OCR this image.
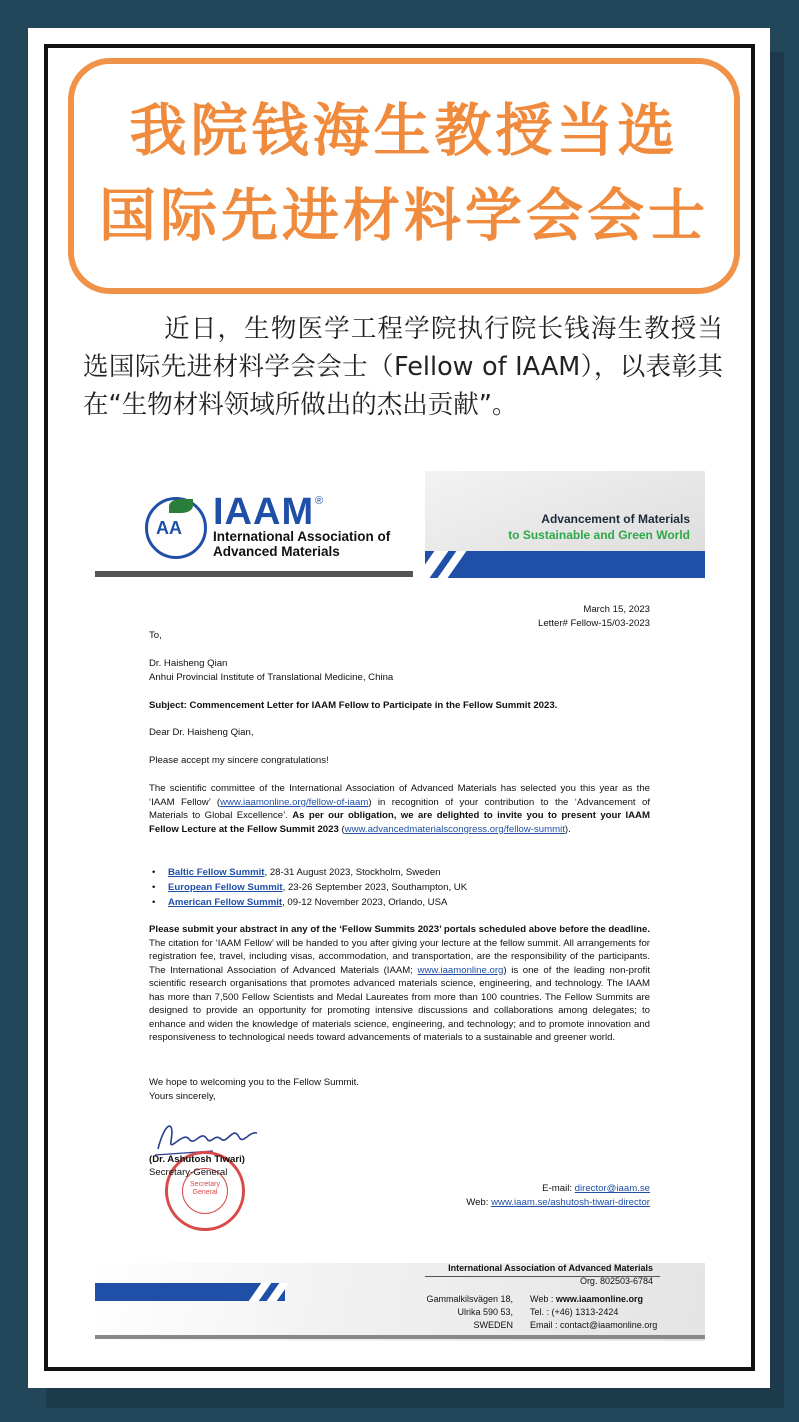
我院钱海生教授当选
国际先进材料学会会士
近日，生物医学工程学院执行院长钱海生教授当选国际先进材料学会会士（Fellow of IAAM），以表彰其在“生物材料领域所做出的杰出贡献”。
AA IAAM ®
International Association of
Advanced Materials
Advancement of Materials
to Sustainable and Green World
March 15, 2023
Letter# Fellow-15/03-2023
To,
Dr. Haisheng Qian
Anhui Provincial Institute of Translational Medicine, China
Subject: Commencement Letter for IAAM Fellow to Participate in the Fellow Summit 2023.
Dear Dr. Haisheng Qian,
Please accept my sincere congratulations!
The scientific committee of the International Association of Advanced Materials has selected you this year as the ‘IAAM Fellow’ (www.iaamonline.org/fellow-of-iaam) in recognition of your contribution to the ‘Advancement of Materials to Global Excellence’. As per our obligation, we are delighted to invite you to present your IAAM Fellow Lecture at the Fellow Summit 2023 (www.advancedmaterialscongress.org/fellow-summit).
• Baltic Fellow Summit, 28-31 August 2023, Stockholm, Sweden
• European Fellow Summit, 23-26 September 2023, Southampton, UK
• American Fellow Summit, 09-12 November 2023, Orlando, USA
Please submit your abstract in any of the ‘Fellow Summits 2023’ portals scheduled above before the deadline. The citation for ‘IAAM Fellow’ will be handed to you after giving your lecture at the fellow summit. All arrangements for registration fee, travel, including visas, accommodation, and transportation, are the responsibility of the participants. The International Association of Advanced Materials (IAAM; www.iaamonline.org) is one of the leading non-profit scientific research organisations that promotes advanced materials science, engineering, and technology. The IAAM has more than 7,500 Fellow Scientists and Medal Laureates from more than 100 countries. The Fellow Summits are designed to provide an opportunity for promoting intensive discussions and collaborations among delegates; to enhance and widen the knowledge of materials science, engineering, and technology; and to promote innovation and responsiveness to technological needs toward advancements of materials to a sustainable and greener world.
We hope to welcoming you to the Fellow Summit.
Yours sincerely,
Secretary General
(Dr. Ashutosh Tiwari)
Secretary-General
E-mail: director@iaam.se
Web: www.iaam.se/ashutosh-tiwari-director
International Association of Advanced Materials
Org. 802503-6784
Gammalkilsvägen 18,
Ulrika 590 53,
SWEDEN
Web : www.iaamonline.org
Tel. : (+46) 1313-2424
Email : contact@iaamonline.org
